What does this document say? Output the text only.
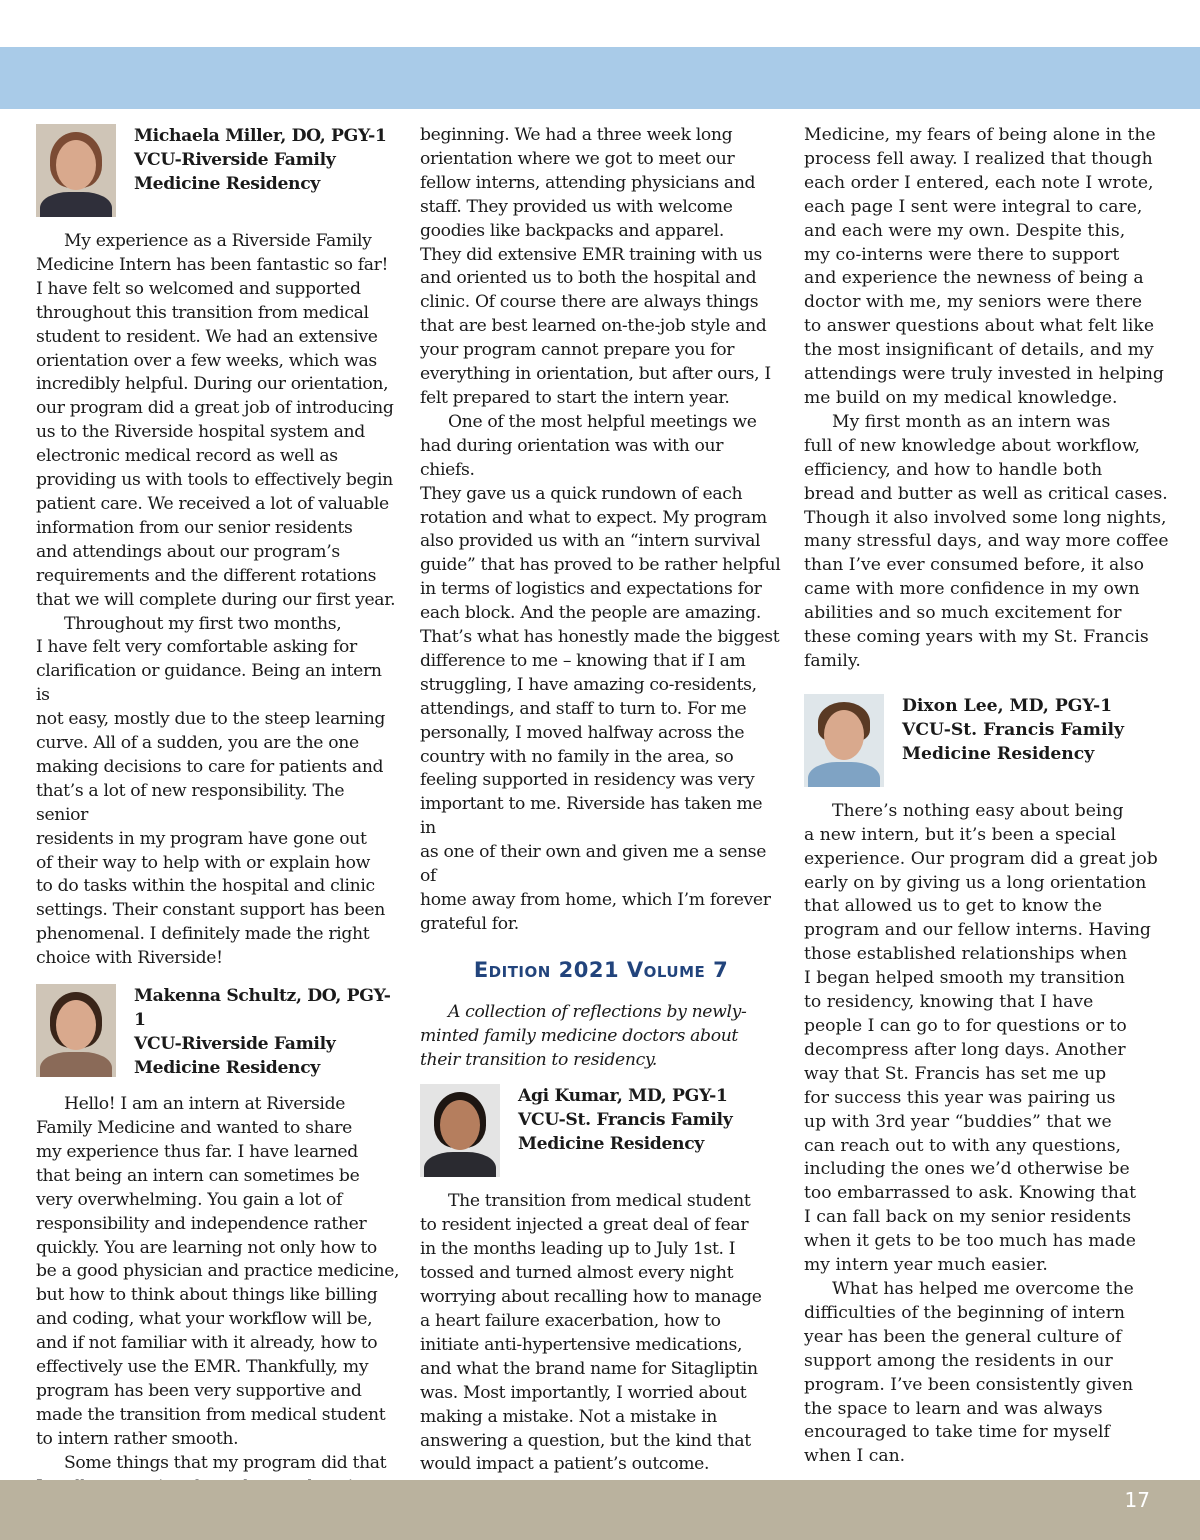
Michaela Miller, DO, PGY-1
VCU-Riverside Family
Medicine Residency

My experience as a Riverside Family
Medicine Intern has been fantastic so far!
I have felt so welcomed and supported
throughout this transition from medical
student to resident. We had an extensive
orientation over a few weeks, which was
incredibly helpful. During our orientation,
our program did a great job of introducing
us to the Riverside hospital system and
electronic medical record as well as
providing us with tools to effectively begin
patient care. We received a lot of valuable
information from our senior residents
and attendings about our program’s
requirements and the different rotations
that we will complete during our first year.

Throughout my first two months,
I have felt very comfortable asking for
clarification or guidance. Being an intern is
not easy, mostly due to the steep learning
curve. All of a sudden, you are the one
making decisions to care for patients and
that’s a lot of new responsibility. The senior
residents in my program have gone out
of their way to help with or explain how
to do tasks within the hospital and clinic
settings. Their constant support has been
phenomenal. I definitely made the right
choice with Riverside!

Makenna Schultz, DO, PGY-1
VCU-Riverside Family
Medicine Residency

Hello! I am an intern at Riverside
Family Medicine and wanted to share
my experience thus far. I have learned
that being an intern can sometimes be
very overwhelming. You gain a lot of
responsibility and independence rather
quickly. You are learning not only how to
be a good physician and practice medicine,
but how to think about things like billing
and coding, what your workflow will be,
and if not familiar with it already, how to
effectively use the EMR. Thankfully, my
program has been very supportive and
made the transition from medical student
to intern rather smooth.

Some things that my program did that

beginning. We had a three week long
orientation where we got to meet our
fellow interns, attending physicians and
staff. They provided us with welcome
goodies like backpacks and apparel.
They did extensive EMR training with us
and oriented us to both the hospital and
clinic. Of course there are always things
that are best learned on-the-job style and
your program cannot prepare you for
everything in orientation, but after ours, I
felt prepared to start the intern year.

One of the most helpful meetings we
had during orientation was with our chiefs.
They gave us a quick rundown of each
rotation and what to expect. My program
also provided us with an “intern survival
guide” that has proved to be rather helpful
in terms of logistics and expectations for
each block. And the people are amazing.
That’s what has honestly made the biggest
difference to me – knowing that if I am
struggling, I have amazing co-residents,
attendings, and staff to turn to. For me
personally, I moved halfway across the
country with no family in the area, so
feeling supported in residency was very
important to me. Riverside has taken me in
as one of their own and given me a sense of
home away from home, which I’m forever
grateful for.

Edition 2021 Volume 7

A collection of reflections by newly-minted family medicine doctors about their transition to residency.

Agi Kumar, MD, PGY-1
VCU-St. Francis Family
Medicine Residency

The transition from medical student
to resident injected a great deal of fear
in the months leading up to July 1st. I
tossed and turned almost every night
worrying about recalling how to manage
a heart failure exacerbation, how to
initiate anti-hypertensive medications,
and what the brand name for Sitagliptin
was. Most importantly, I worried about
making a mistake. Not a mistake in
answering a question, but the kind that
would impact a patient’s outcome.

Medicine, my fears of being alone in the
process fell away. I realized that though
each order I entered, each note I wrote,
each page I sent were integral to care,
and each were my own. Despite this,
my co-interns were there to support
and experience the newness of being a
doctor with me, my seniors were there
to answer questions about what felt like
the most insignificant of details, and my
attendings were truly invested in helping
me build on my medical knowledge.

My first month as an intern was
full of new knowledge about workflow,
efficiency, and how to handle both
bread and butter as well as critical cases.
Though it also involved some long nights,
many stressful days, and way more coffee
than I’ve ever consumed before, it also
came with more confidence in my own
abilities and so much excitement for
these coming years with my St. Francis
family.

Dixon Lee, MD, PGY-1
VCU-St. Francis Family
Medicine Residency

There’s nothing easy about being
a new intern, but it’s been a special
experience. Our program did a great job
early on by giving us a long orientation
that allowed us to get to know the
program and our fellow interns. Having
those established relationships when
I began helped smooth my transition
to residency, knowing that I have
people I can go to for questions or to
decompress after long days. Another
way that St. Francis has set me up
for success this year was pairing us
up with 3rd year “buddies” that we
can reach out to with any questions,
including the ones we’d otherwise be
too embarrassed to ask. Knowing that
I can fall back on my senior residents
when it gets to be too much has made
my intern year much easier.

What has helped me overcome the
difficulties of the beginning of intern
year has been the general culture of
support among the residents in our
program. I’ve been consistently given
the space to learn and was always
encouraged to take time for myself
when I can.

17
